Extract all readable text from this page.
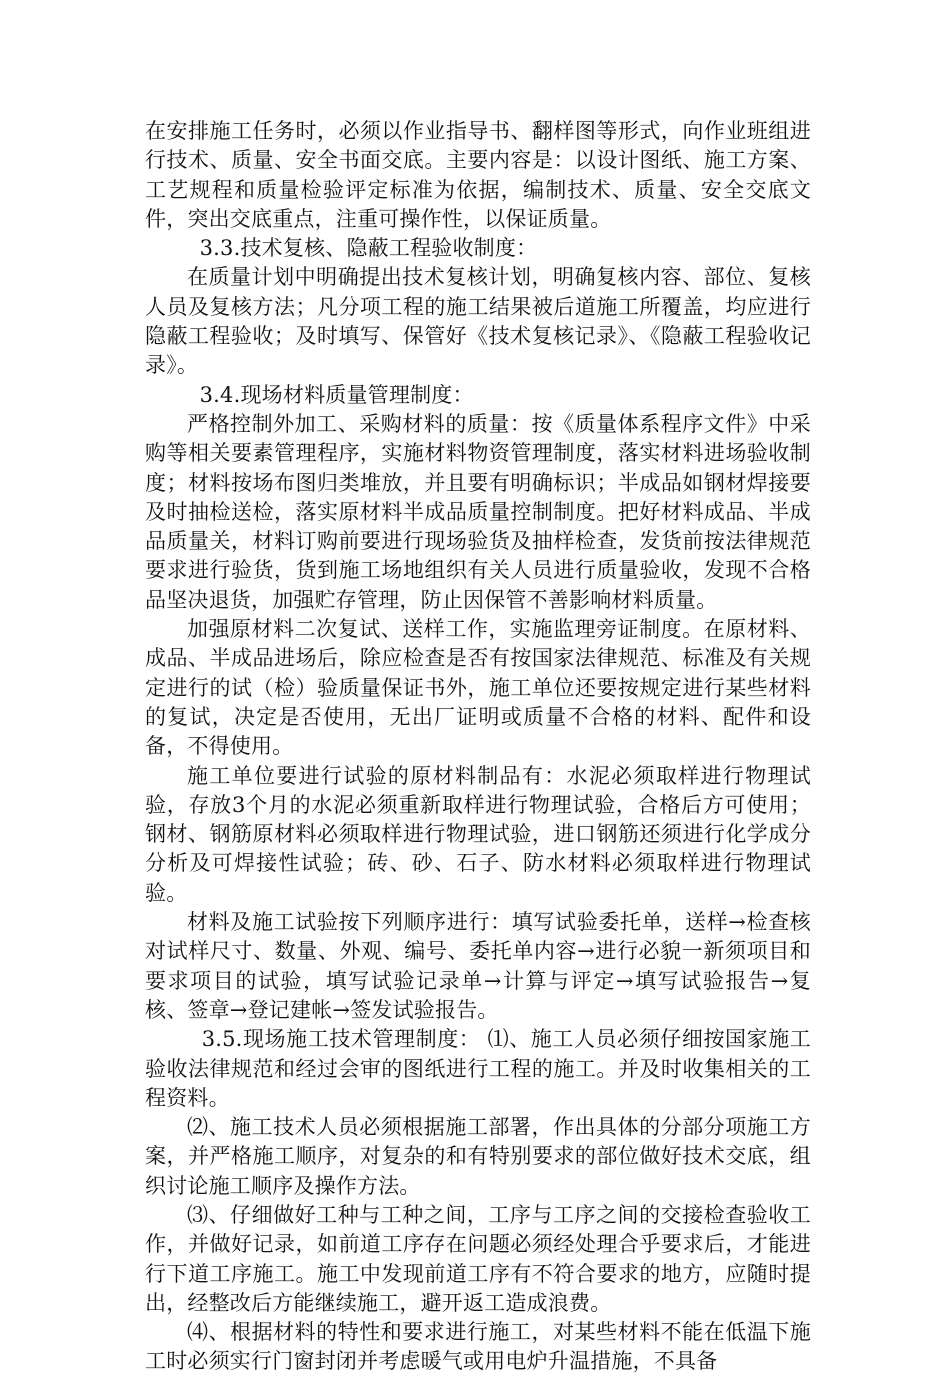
在安排施工任务时，必须以作业指导书、翻样图等形式，向作业班组进行技术、质量、安全书面交底。主要内容是：以设计图纸、施工方案、工艺规程和质量检验评定标准为依据，编制技术、质量、安全交底文件，突出交底重点，注重可操作性，以保证质量。

3.3.技术复核、隐蔽工程验收制度：

在质量计划中明确提出技术复核计划，明确复核内容、部位、复核人员及复核方法；凡分项工程的施工结果被后道施工所覆盖，均应进行隐蔽工程验收；及时填写、保管好《技术复核记录》、《隐蔽工程验收记录》。

3.4.现场材料质量管理制度：

严格控制外加工、采购材料的质量：按《质量体系程序文件》中采购等相关要素管理程序，实施材料物资管理制度，落实材料进场验收制度；材料按场布图归类堆放，并且要有明确标识；半成品如钢材焊接要及时抽检送检，落实原材料半成品质量控制制度。把好材料成品、半成品质量关，材料订购前要进行现场验货及抽样检查，发货前按法律规范要求进行验货，货到施工场地组织有关人员进行质量验收，发现不合格品坚决退货，加强贮存管理，防止因保管不善影响材料质量。

加强原材料二次复试、送样工作，实施监理旁证制度。在原材料、成品、半成品进场后，除应检查是否有按国家法律规范、标准及有关规定进行的试（检）验质量保证书外，施工单位还要按规定进行某些材料的复试，决定是否使用，无出厂证明或质量不合格的材料、配件和设备，不得使用。

施工单位要进行试验的原材料制品有：水泥必须取样进行物理试验，存放3个月的水泥必须重新取样进行物理试验，合格后方可使用；钢材、钢筋原材料必须取样进行物理试验，进口钢筋还须进行化学成分分析及可焊接性试验；砖、砂、石子、防水材料必须取样进行物理试验。

材料及施工试验按下列顺序进行：填写试验委托单，送样→检查核对试样尺寸、数量、外观、编号、委托单内容→进行必貌一新须项目和要求项目的试验，填写试验记录单→计算与评定→填写试验报告→复核、签章→登记建帐→签发试验报告。

3.5.现场施工技术管理制度： ⑴、施工人员必须仔细按国家施工验收法律规范和经过会审的图纸进行工程的施工。并及时收集相关的工程资料。

⑵、施工技术人员必须根据施工部署，作出具体的分部分项施工方案，并严格施工顺序，对复杂的和有特别要求的部位做好技术交底，组织讨论施工顺序及操作方法。

⑶、仔细做好工种与工种之间，工序与工序之间的交接检查验收工作，并做好记录，如前道工序存在问题必须经处理合乎要求后，才能进行下道工序施工。施工中发现前道工序有不符合要求的地方，应随时提出，经整改后方能继续施工，避开返工造成浪费。

⑷、根据材料的特性和要求进行施工，对某些材料不能在低温下施工时必须实行门窗封闭并考虑暖气或用电炉升温措施，不具备
